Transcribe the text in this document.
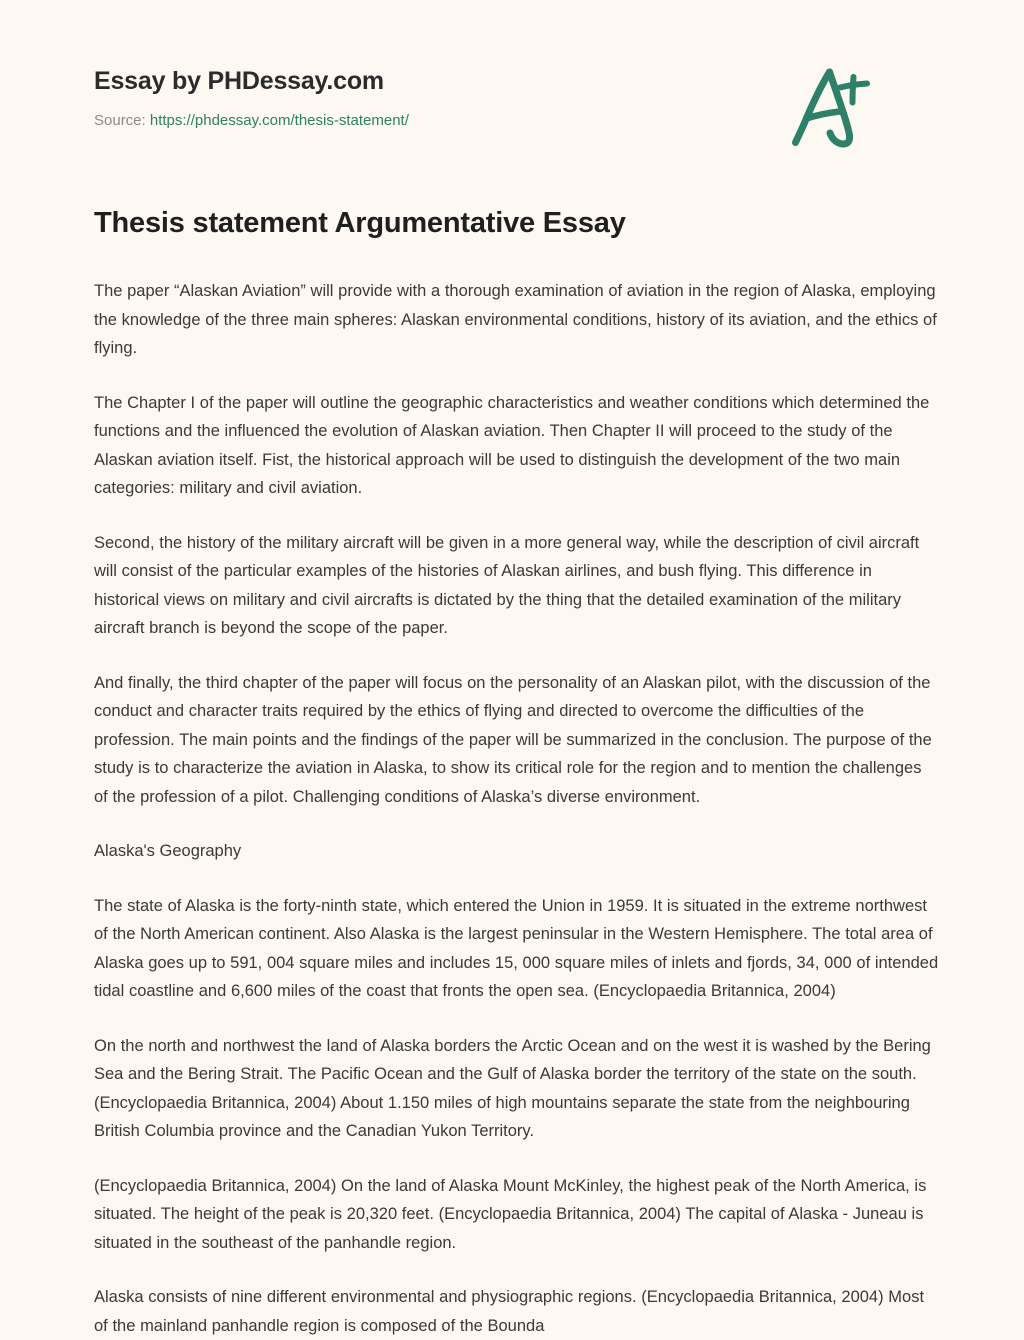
Essay by PHDessay.com
Source: https://phdessay.com/thesis-statement/
Thesis statement Argumentative Essay

The paper “Alaskan Aviation” will provide with a thorough examination of aviation in the region of Alaska, employing the knowledge of the three main spheres: Alaskan environmental conditions, history of its aviation, and the ethics of flying.

The Chapter I of the paper will outline the geographic characteristics and weather conditions which determined the functions and the influenced the evolution of Alaskan aviation. Then Chapter II will proceed to the study of the Alaskan aviation itself. Fist, the historical approach will be used to distinguish the development of the two main categories: military and civil aviation.

Second, the history of the military aircraft will be given in a more general way, while the description of civil aircraft will consist of the particular examples of the histories of Alaskan airlines, and bush flying. This difference in historical views on military and civil aircrafts is dictated by the thing that the detailed examination of the military aircraft branch is beyond the scope of the paper.

And finally, the third chapter of the paper will focus on the personality of an Alaskan pilot, with the discussion of the conduct and character traits required by the ethics of flying and directed to overcome the difficulties of the profession. The main points and the findings of the paper will be summarized in the conclusion. The purpose of the study is to characterize the aviation in Alaska, to show its critical role for the region and to mention the challenges of the profession of a pilot. Challenging conditions of Alaska’s diverse environment.

Alaska's Geography

The state of Alaska is the forty-ninth state, which entered the Union in 1959. It is situated in the extreme northwest of the North American continent. Also Alaska is the largest peninsular in the Western Hemisphere. The total area of Alaska goes up to 591, 004 square miles and includes 15, 000 square miles of inlets and fjords, 34, 000 of intended tidal coastline and 6,600 miles of the coast that fronts the open sea. (Encyclopaedia Britannica, 2004)

On the north and northwest the land of Alaska borders the Arctic Ocean and on the west it is washed by the Bering Sea and the Bering Strait. The Pacific Ocean and the Gulf of Alaska border the territory of the state on the south. (Encyclopaedia Britannica, 2004) About 1.150 miles of high mountains separate the state from the neighbouring British Columbia province and the Canadian Yukon Territory.

(Encyclopaedia Britannica, 2004) On the land of Alaska Mount McKinley, the highest peak of the North America, is situated. The height of the peak is 20,320 feet. (Encyclopaedia Britannica, 2004) The capital of Alaska - Juneau is situated in the southeast of the panhandle region.

Alaska consists of nine different environmental and physiographic regions. (Encyclopaedia Britannica, 2004) Most of the mainland panhandle region is composed of the Bounda
